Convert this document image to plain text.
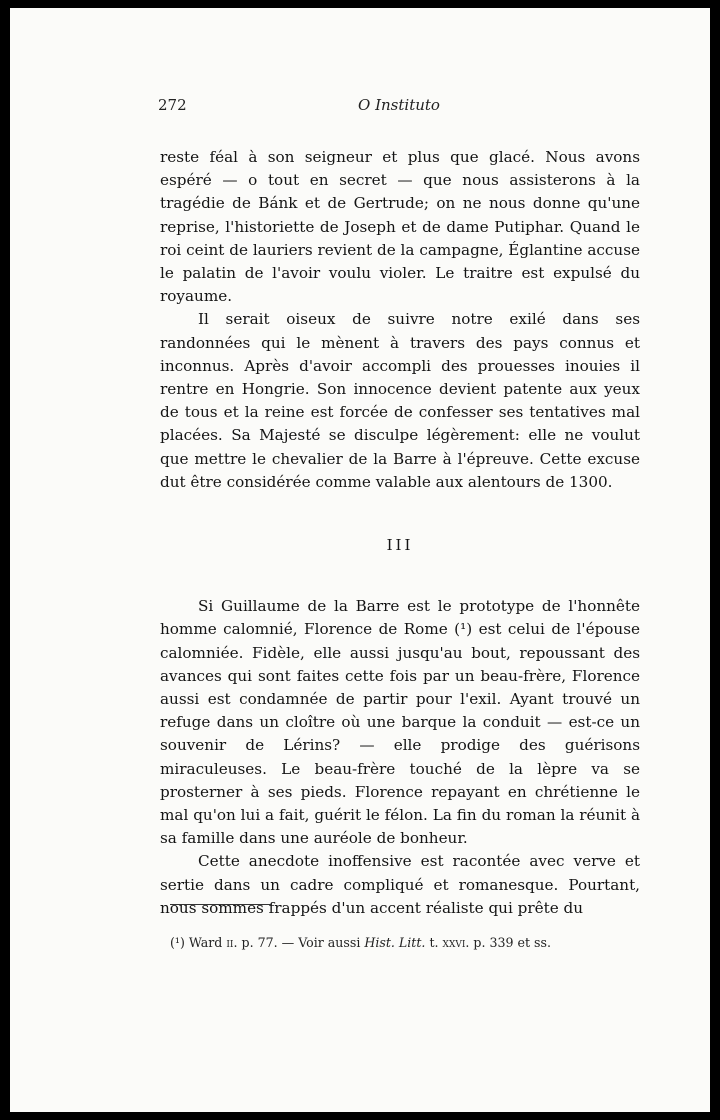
272	O Instituto

reste féal à son seigneur et plus que glacé. Nous avons espéré — o tout en secret — que nous assisterons à la tragédie de Bánk et de Gertrude; on ne nous donne qu'une reprise, l'historiette de Joseph et de dame Putiphar. Quand le roi ceint de lauriers revient de la campagne, Églantine accuse le palatin de l'avoir voulu violer. Le traitre est expulsé du royaume.

Il serait oiseux de suivre notre exilé dans ses randonnées qui le mènent à travers des pays connus et inconnus. Après d'avoir accompli des prouesses inouies il rentre en Hongrie. Son innocence devient patente aux yeux de tous et la reine est forcée de confesser ses tentatives mal placées. Sa Majesté se disculpe légèrement: elle ne voulut que mettre le chevalier de la Barre à l'épreuve. Cette excuse dut être considérée comme valable aux alentours de 1300.

III

Si Guillaume de la Barre est le prototype de l'honnête homme calomnié, Florence de Rome (¹) est celui de l'épouse calomniée. Fidèle, elle aussi jusqu'au bout, repoussant des avances qui sont faites cette fois par un beau-frère, Florence aussi est condamnée de partir pour l'exil. Ayant trouvé un refuge dans un cloître où une barque la conduit — est-ce un souvenir de Lérins? — elle prodige des guérisons miraculeuses. Le beau-frère touché de la lèpre va se prosterner à ses pieds. Florence repayant en chrétienne le mal qu'on lui a fait, guérit le félon. La fin du roman la réunit à sa famille dans une auréole de bonheur.

Cette anecdote inoffensive est racontée avec verve et sertie dans un cadre compliqué et romanesque. Pourtant, nous sommes frappés d'un accent réaliste qui prête du

(¹) Ward ii. p. 77. — Voir aussi Hist. Litt. t. xxvi. p. 339 et ss.
